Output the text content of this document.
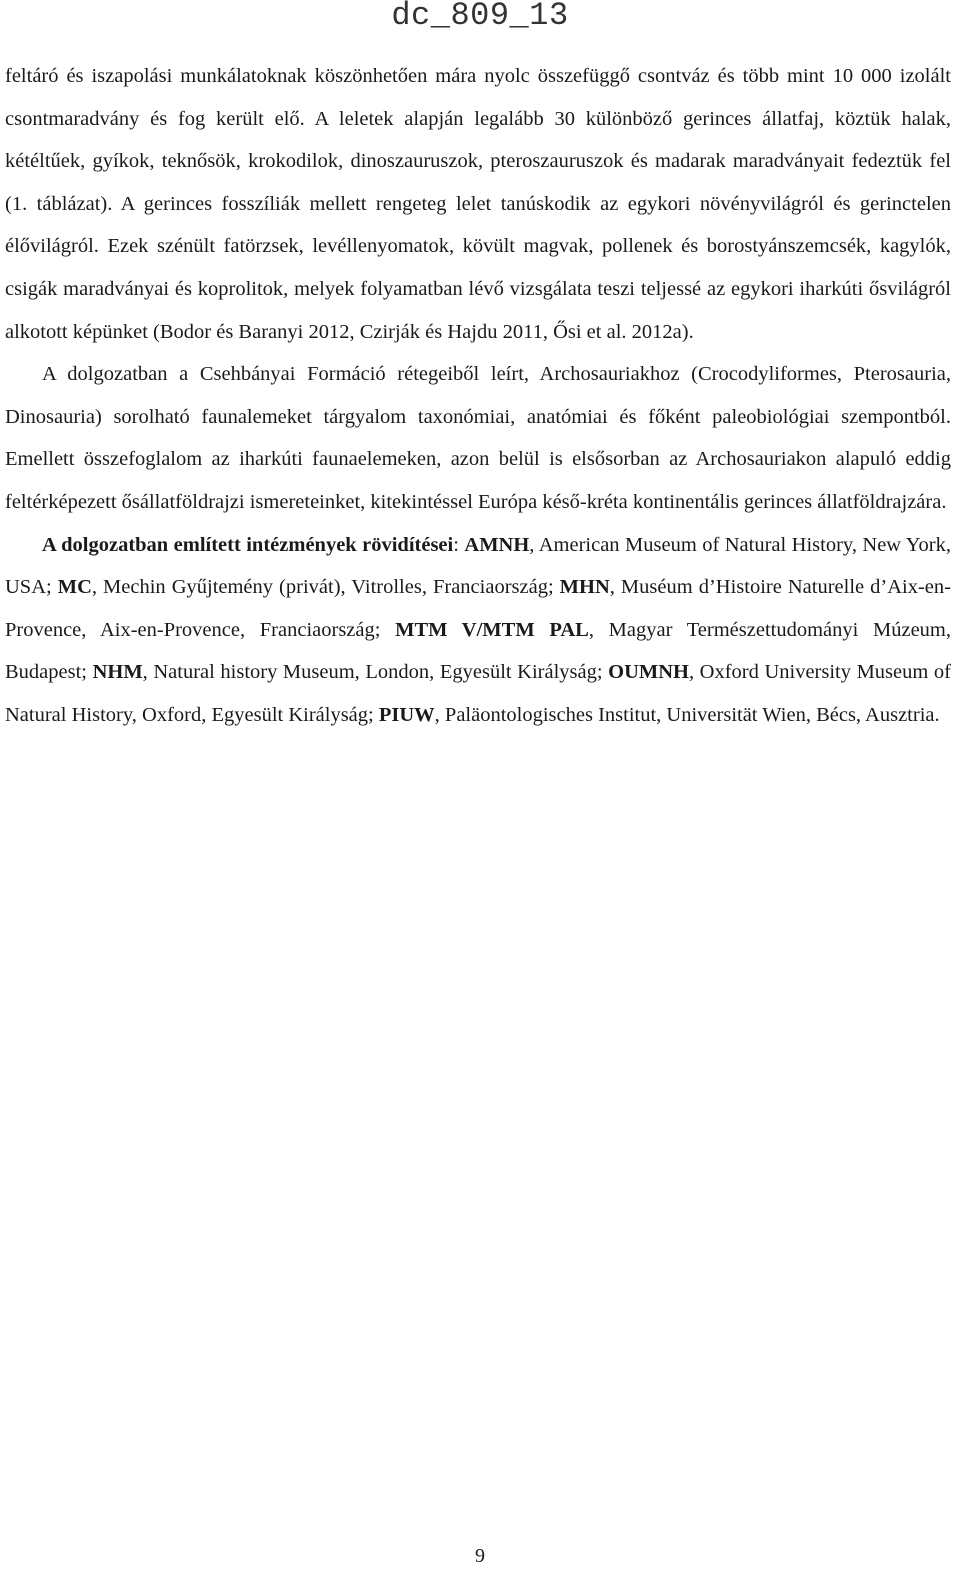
dc_809_13

feltáró és iszapolási munkálatoknak köszönhetően mára nyolc összefüggő csontváz és több mint 10 000 izolált csontmaradvány és fog került elő. A leletek alapján legalább 30 különböző gerinces állatfaj, köztük halak, kétéltűek, gyíkok, teknősök, krokodilok, dinoszauruszok, pteroszauruszok és madarak maradványait fedeztük fel (1. táblázat). A gerinces fosszíliák mellett rengeteg lelet tanúskodik az egykori növényvilágról és gerinctelen élővilágról. Ezek szénült fatörzsek, levéllenyomatok, kövült magvak, pollenek és borostyánszemcsék, kagylók, csigák maradványai és koprolitok, melyek folyamatban lévő vizsgálata teszi teljessé az egykori iharkúti ősvilágról alkotott képünket (Bodor és Baranyi 2012, Czirják és Hajdu 2011, Ősi et al. 2012a).

A dolgozatban a Csehbányai Formáció rétegeiből leírt, Archosauriakhoz (Crocodyliformes, Pterosauria, Dinosauria) sorolható faunalemeket tárgyalom taxonómiai, anatómiai és főként paleobiológiai szempontból. Emellett összefoglalom az iharkúti faunaelemeken, azon belül is elsősorban az Archosauriakon alapuló eddig feltérképezett ősállatföldrajzi ismereteinket, kitekintéssel Európa késő-kréta kontinentális gerinces állatföldrajzára.

A dolgozatban említett intézmények rövidítései: AMNH, American Museum of Natural History, New York, USA; MC, Mechin Gyűjtemény (privát), Vitrolles, Franciaország; MHN, Muséum d’Histoire Naturelle d’Aix-en-Provence, Aix-en-Provence, Franciaország; MTM V/MTM PAL, Magyar Természettudományi Múzeum, Budapest; NHM, Natural history Museum, London, Egyesült Királyság; OUMNH, Oxford University Museum of Natural History, Oxford, Egyesült Királyság; PIUW, Paläontologisches Institut, Universität Wien, Bécs, Ausztria.

9
